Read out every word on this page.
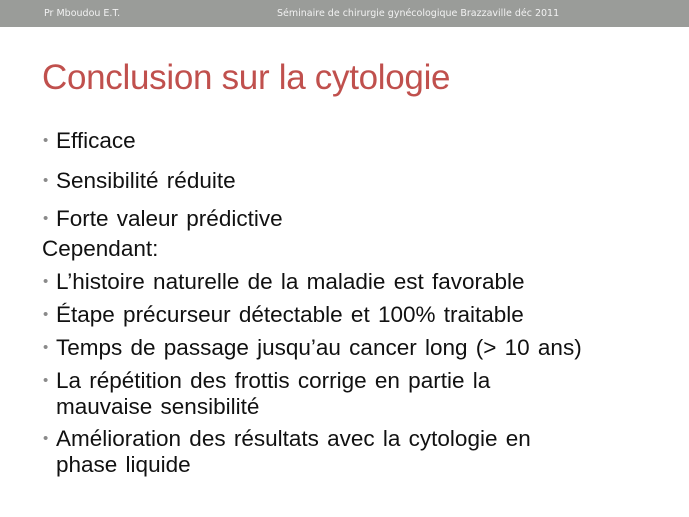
Pr Mboudou E.T.	Séminaire de chirurgie gynécologique Brazzaville déc 2011
Conclusion sur la cytologie
• Efficace
• Sensibilité réduite
• Forte valeur prédictive
Cependant:
• L’histoire naturelle de la maladie est favorable
• Étape précurseur détectable et 100% traitable
• Temps de passage jusqu’au cancer long (> 10 ans)
• La répétition des frottis corrige en partie la
mauvaise sensibilité
• Amélioration des résultats avec la cytologie en
phase liquide
